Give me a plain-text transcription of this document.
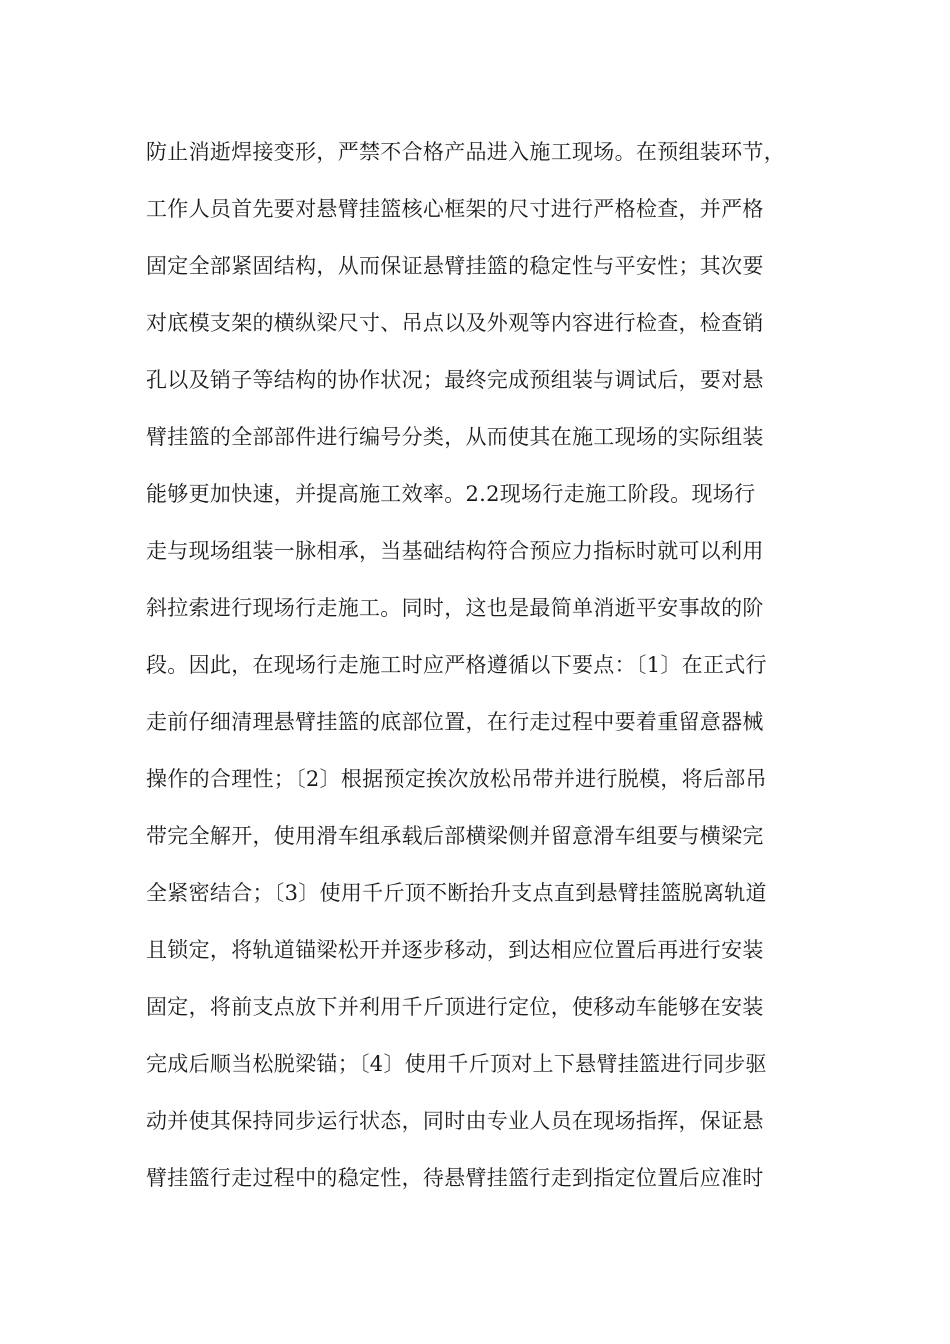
防止消逝焊接变形，严禁不合格产品进入施工现场。在预组装环节，
工作人员首先要对悬臂挂篮核心框架的尺寸进行严格检查，并严格
固定全部紧固结构，从而保证悬臂挂篮的稳定性与平安性；其次要
对底模支架的横纵梁尺寸、吊点以及外观等内容进行检查，检查销
孔以及销子等结构的协作状况；最终完成预组装与调试后，要对悬
臂挂篮的全部部件进行编号分类，从而使其在施工现场的实际组装
能够更加快速，并提高施工效率。2.2现场行走施工阶段。现场行
走与现场组装一脉相承，当基础结构符合预应力指标时就可以利用
斜拉索进行现场行走施工。同时，这也是最简单消逝平安事故的阶
段。因此，在现场行走施工时应严格遵循以下要点：〔1〕在正式行
走前仔细清理悬臂挂篮的底部位置，在行走过程中要着重留意器械
操作的合理性；〔2〕根据预定挨次放松吊带并进行脱模，将后部吊
带完全解开，使用滑车组承载后部横梁侧并留意滑车组要与横梁完
全紧密结合；〔3〕使用千斤顶不断抬升支点直到悬臂挂篮脱离轨道
且锁定，将轨道锚梁松开并逐步移动，到达相应位置后再进行安装
固定，将前支点放下并利用千斤顶进行定位，使移动车能够在安装
完成后顺当松脱梁锚；〔4〕使用千斤顶对上下悬臂挂篮进行同步驱
动并使其保持同步运行状态，同时由专业人员在现场指挥，保证悬
臂挂篮行走过程中的稳定性，待悬臂挂篮行走到指定位置后应准时
